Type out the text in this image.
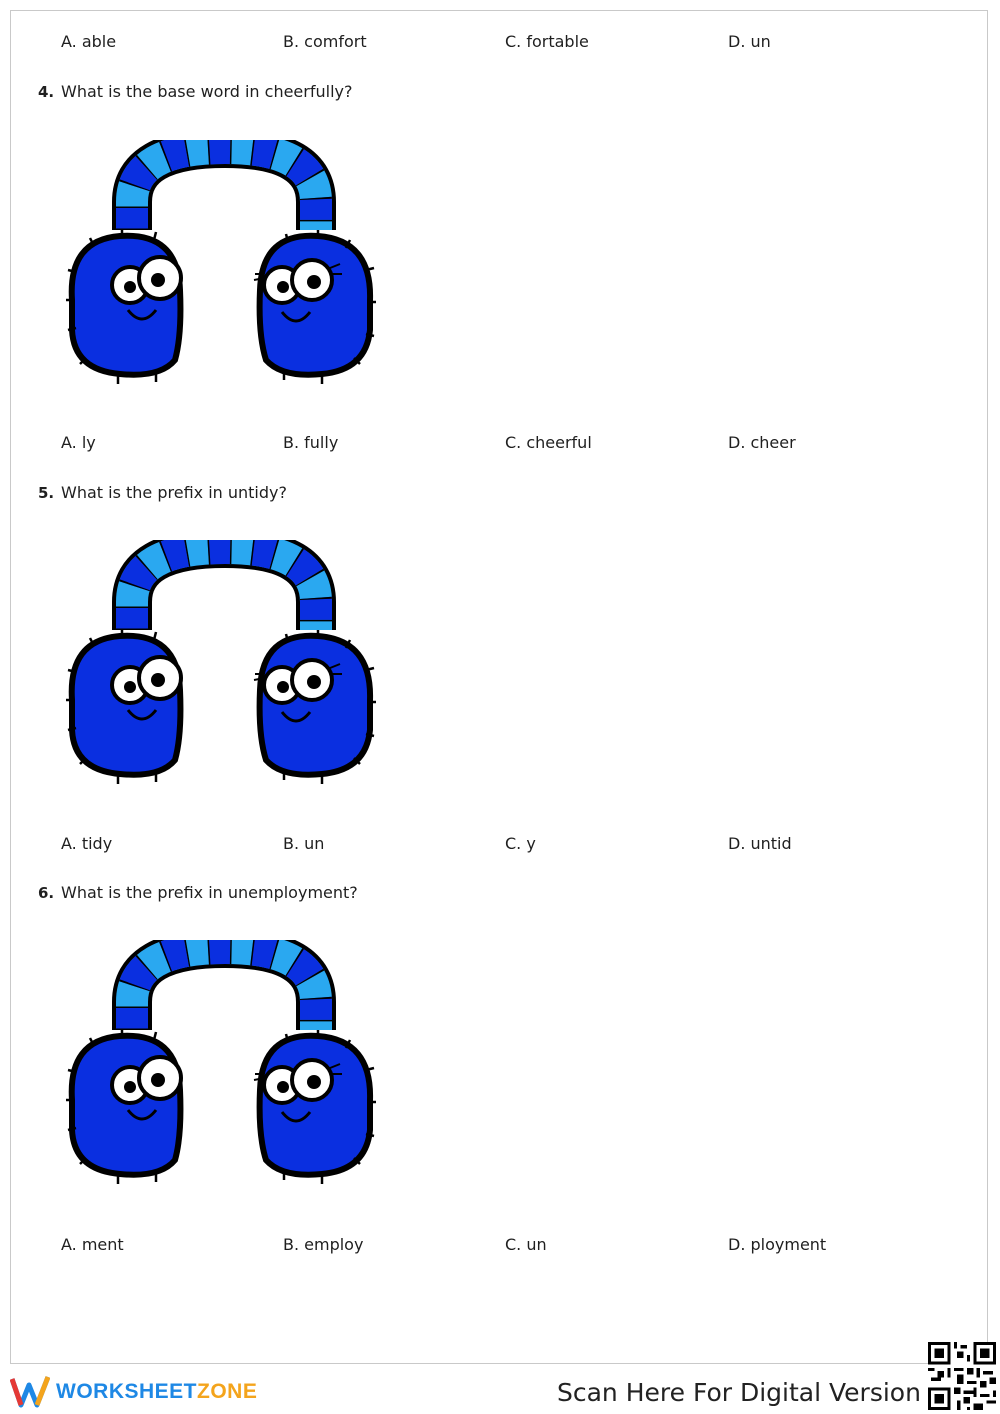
A. able	B. comfort	C. fortable	D. un
4. What is the base word in cheerfully?
A. ly	B. fully	C. cheerful	D. cheer
5. What is the prefix in untidy?
A. tidy	B. un	C. y	D. untid
6. What is the prefix in unemployment?
A. ment	B. employ	C. un	D. ployment
WORKSHEETZONE	Scan Here For Digital Version
